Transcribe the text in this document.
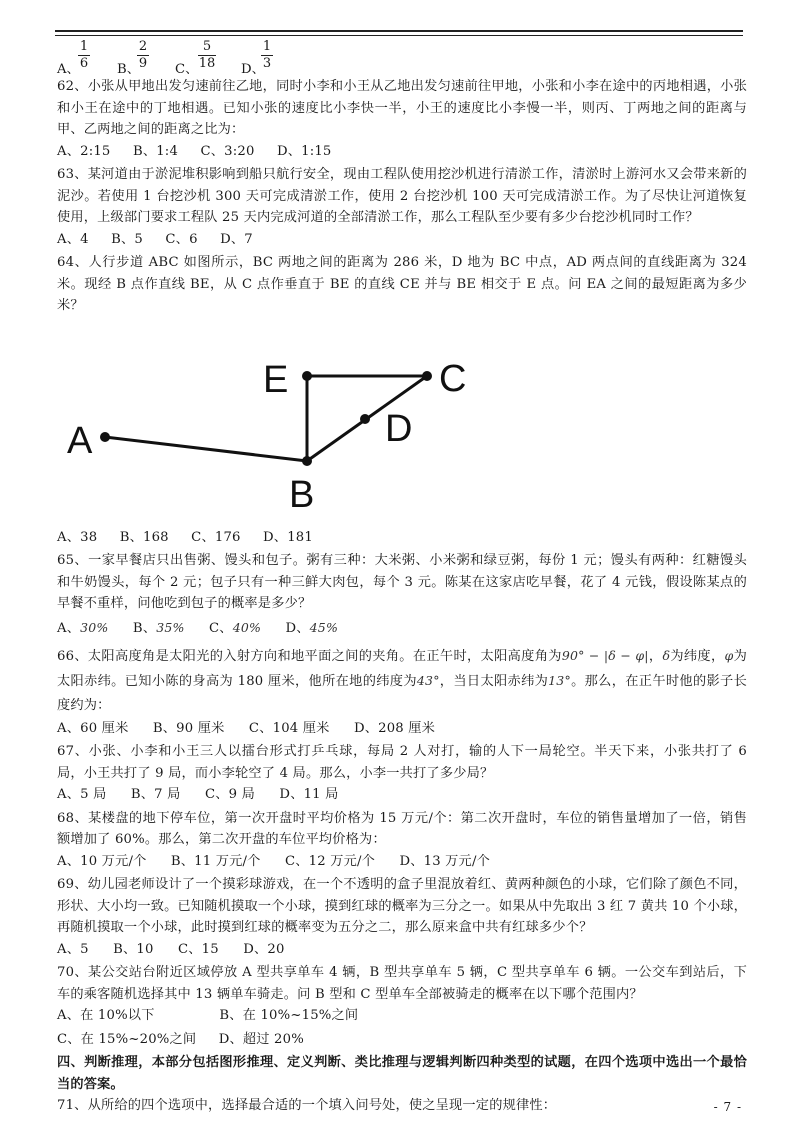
A、
1
6 B、
2
9 C、
5
18 D、
1
3

62、小张从甲地出发匀速前往乙地，同时小李和小王从乙地出发匀速前往甲地，小张和小李在途中的丙地相遇，小张和小王在途中的丁地相遇。已知小张的速度比小李快一半，小王的速度比小李慢一半，则丙、丁两地之间的距离与甲、乙两地之间的距离之比为：

A、2:15 B、1:4 C、3:20 D、1:15

63、某河道由于淤泥堆积影响到船只航行安全，现由工程队使用挖沙机进行清淤工作，清淤时上游河水又会带来新的泥沙。若使用 1 台挖沙机 300 天可完成清淤工作，使用 2 台挖沙机 100 天可完成清淤工作。为了尽快让河道恢复使用，上级部门要求工程队 25 天内完成河道的全部清淤工作，那么工程队至少要有多少台挖沙机同时工作？

A、4 B、5 C、6 D、7

64、人行步道 ABC 如图所示，BC 两地之间的距离为 286 米，D 地为 BC 中点，AD 两点间的直线距离为 324 米。现经 B 点作直线 BE，从 C 点作垂直于 BE 的直线 CE 并与 BE 相交于 E 点。问 EA 之间的最短距离为多少米？

A
B
C
D
E

A、38 B、168 C、176 D、181

65、一家早餐店只出售粥、馒头和包子。粥有三种：大米粥、小米粥和绿豆粥，每份 1 元；馒头有两种：红糖馒头和牛奶馒头，每个 2 元；包子只有一种三鲜大肉包，每个 3 元。陈某在这家店吃早餐，花了 4 元钱，假设陈某点的早餐不重样，问他吃到包子的概率是多少？

A、30% B、35% C、40% D、45%

66、太阳高度角是太阳光的入射方向和地平面之间的夹角。在正午时，太阳高度角为90° − |δ − φ|，δ为纬度，φ为太阳赤纬。已知小陈的身高为 180 厘米，他所在地的纬度为43°，当日太阳赤纬为13°。那么，在正午时他的影子长度约为：

A、60 厘米 B、90 厘米 C、104 厘米 D、208 厘米

67、小张、小李和小王三人以擂台形式打乒乓球，每局 2 人对打，输的人下一局轮空。半天下来，小张共打了 6 局，小王共打了 9 局，而小李轮空了 4 局。那么，小李一共打了多少局？

A、5 局 B、7 局 C、9 局 D、11 局

68、某楼盘的地下停车位，第一次开盘时平均价格为 15 万元/个：第二次开盘时，车位的销售量增加了一倍，销售额增加了 60%。那么，第二次开盘的车位平均价格为：

A、10 万元/个 B、11 万元/个 C、12 万元/个 D、13 万元/个

69、幼儿园老师设计了一个摸彩球游戏，在一个不透明的盒子里混放着红、黄两种颜色的小球，它们除了颜色不同，形状、大小均一致。已知随机摸取一个小球，摸到红球的概率为三分之一。如果从中先取出 3 红 7 黄共 10 个小球，再随机摸取一个小球，此时摸到红球的概率变为五分之二，那么原来盒中共有红球多少个？

A、5 B、10 C、15 D、20

70、某公交站台附近区域停放 A 型共享单车 4 辆，B 型共享单车 5 辆，C 型共享单车 6 辆。一公交车到站后，下车的乘客随机选择其中 13 辆单车骑走。问 B 型和 C 型单车全部被骑走的概率在以下哪个范围内？

A、在 10%以下	B、在 10%~15%之间

C、在 15%~20%之间 D、超过 20%

四、判断推理，本部分包括图形推理、定义判断、类比推理与逻辑判断四种类型的试题，在四个选项中选出一个最恰当的答案。

71、从所给的四个选项中，选择最合适的一个填入问号处，使之呈现一定的规律性：	- 7 -
